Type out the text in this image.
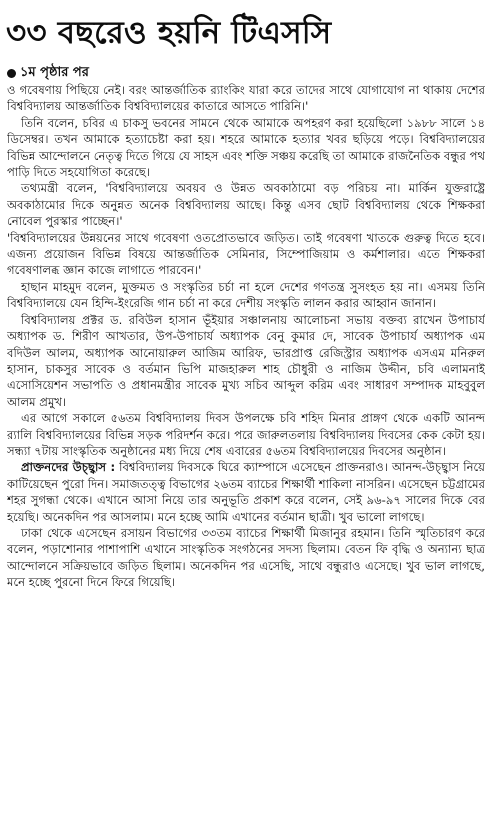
৩৩ বছরেও হয়নি টিএসসি
১ম পৃষ্ঠার পর

ও গবেষণায় পিছিয়ে নেই। বরং আন্তর্জাতিক র‍্যাংকিং যারা করে তাদের সাথে যোগাযোগ না থাকায় দেশের বিশ্ববিদ্যালয় আন্তর্জাতিক বিশ্ববিদ্যালয়ের কাতারে আসতে পারিনি।'

তিনি বলেন, চবির এ চাকসু ভবনের সামনে থেকে আমাকে অপহরণ করা হয়েছিলো ১৯৮৮ সালে ১৪ ডিসেম্বর। তখন আমাকে হত্যাচেষ্টা করা হয়। শহরে আমাকে হত্যার খবর ছড়িয়ে পড়ে। বিশ্ববিদ্যালয়ের বিভিন্ন আন্দোলনে নেতৃত্ব দিতে গিয়ে যে সাহস এবং শক্তি সঞ্চয় করেছি তা আমাকে রাজনৈতিক বন্ধুর পথ পাড়ি দিতে সহযোগিতা করেছে।

তথ্যমন্ত্রী বলেন, 'বিশ্ববিদ্যালয়ে অবয়ব ও উন্নত অবকাঠামো বড় পরিচয় না। মার্কিন যুক্তরাষ্ট্রে অবকাঠামোর দিকে অনুন্নত অনেক বিশ্ববিদ্যালয় আছে। কিন্তু এসব ছোট বিশ্ববিদ্যালয় থেকে শিক্ষকরা নোবেল পুরস্কার পাচ্ছেন।'

'বিশ্ববিদ্যালয়ের উন্নয়নের সাথে গবেষণা ওতপ্রোতভাবে জড়িত। তাই গবেষণা খাতকে গুরুত্ব দিতে হবে। এজন্য প্রয়োজন বিভিন্ন বিষয়ে আন্তর্জাতিক সেমিনার, সিম্পোজিয়াম ও কর্মশালার। এতে শিক্ষকরা গবেষণালব্ধ জ্ঞান কাজে লাগাতে পারবেন।'

হাছান মাহমুদ বলেন, মুক্তমত ও সংস্কৃতির চর্চা না হলে দেশের গণতন্ত্র সুসংহত হয় না। এসময় তিনি বিশ্ববিদ্যালয়ে যেন হিন্দি-ইংরেজি গান চর্চা না করে দেশীয় সংস্কৃতি লালন করার আহ্বান জানান।

বিশ্ববিদ্যালয় প্রক্টর ড. রবিউল হাসান ভূঁইয়ার সঞ্চালনায় আলোচনা সভায় বক্তব্য রাখেন উপাচার্য অধ্যাপক ড. শিরীণ আখতার, উপ-উপাচার্য অধ্যাপক বেনু কুমার দে, সাবেক উপাচার্য অধ্যাপক এম বদিউল আলম, অধ্যাপক আনোয়ারুল আজিম আরিফ, ভারপ্রাপ্ত রেজিস্ট্রার অধ্যাপক এসএম মনিরুল হাসান, চাকসুর সাবেক ও বর্তমান ভিপি মাজহারুল শাহ চৌধুরী ও নাজিম উদ্দীন, চবি এলামনাই এসোসিয়েশন সভাপতি ও প্রধানমন্ত্রীর সাবেক মুখ্য সচিব আব্দুল করিম এবং সাধারণ সম্পাদক মাহবুবুল আলম প্রমুখ।

এর আগে সকালে ৫৬তম বিশ্ববিদ্যালয় দিবস উপলক্ষে চবি শহিদ মিনার প্রাঙ্গণ থেকে একটি আনন্দ র‍্যালি বিশ্ববিদ্যালয়ের বিভিন্ন সড়ক পরিদর্শন করে। পরে জারুলতলায় বিশ্ববিদ্যালয় দিবসের কেক কেটা হয়। সন্ধ্যা ৭টায় সাংস্কৃতিক অনুষ্ঠানের মধ্য দিয়ে শেষ এবারের ৫৬তম বিশ্ববিদ্যালয়ের দিবসের অনুষ্ঠান।

প্রাক্তনদের উচ্ছ্বাস : বিশ্ববিদ্যালয় দিবসকে ঘিরে ক্যাম্পাসে এসেছেন প্রাক্তনরাও। আনন্দ-উচ্ছ্বাস নিয়ে কাটিয়েছেন পুরো দিন। সমাজতত্ত্ব বিভাগের ২৬তম ব্যাচের শিক্ষার্থী শাকিলা নাসরিন। এসেছেন চট্টগ্রামের শহর সুগন্ধা থেকে। এখানে আসা নিয়ে তার অনুভূতি প্রকাশ করে বলেন, সেই ৯৬-৯৭ সালের দিকে বের হয়েছি। অনেকদিন পর আসলাম। মনে হচ্ছে আমি এখানের বর্তমান ছাত্রী। খুব ভালো লাগছে।

ঢাকা থেকে এসেছেন রসায়ন বিভাগের ৩৩তম ব্যাচের শিক্ষার্থী মিজানুর রহমান। তিনি স্মৃতিচারণ করে বলেন, পড়াশোনার পাশাপাশি এখানে সাংস্কৃতিক সংগঠনের সদস্য ছিলাম। বেতন ফি বৃদ্ধি ও অন্যান্য ছাত্র আন্দোলনে সক্রিয়ভাবে জড়িত ছিলাম। অনেকদিন পর এসেছি, সাথে বন্ধুরাও এসেছে। খুব ভাল লাগছে, মনে হচ্ছে পুরনো দিনে ফিরে গিয়েছি।
